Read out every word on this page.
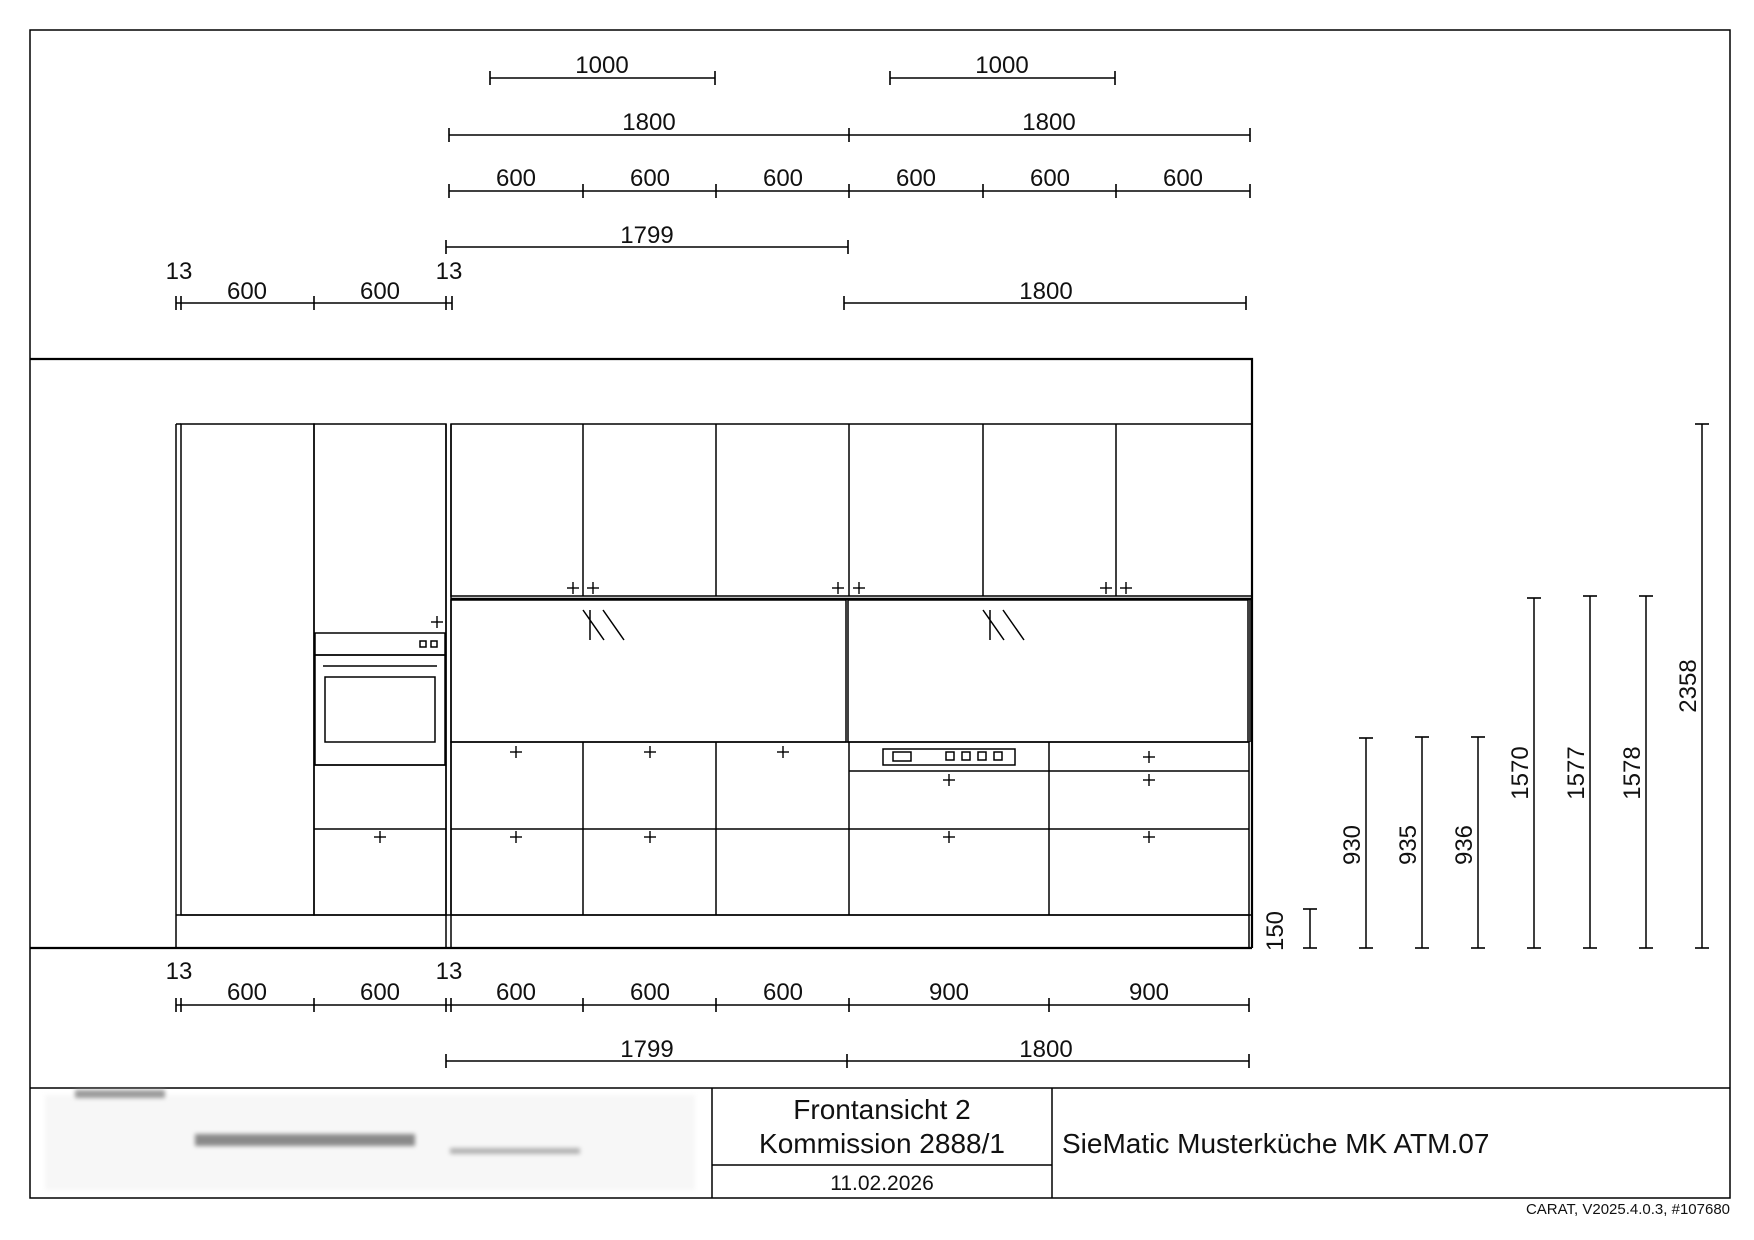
1000	1000
1800	1800
600	600	600	600	600	600
1799
13	13
600	600	1800
13	13
600	600	600	600	600	900	900
1799	1800
150
930 935 936
1570 1577 1578
2358
Frontansicht 2
Kommission 2888/1
11.02.2026
SieMatic Musterküche MK ATM.07
CARAT, V2025.4.0.3, #107680
